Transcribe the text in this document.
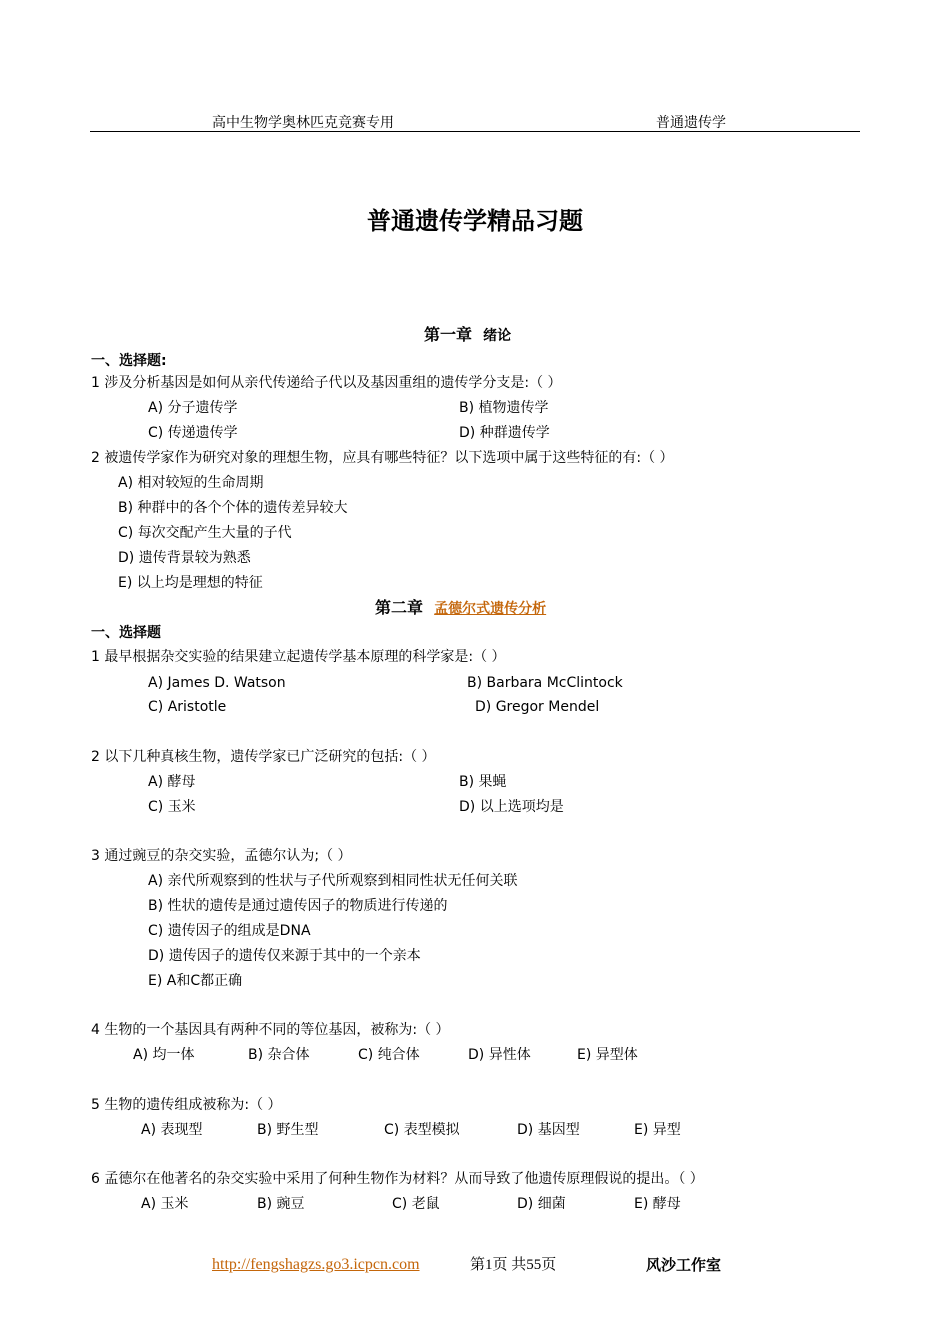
高中生物学奥林匹克竞赛专用	普通遗传学
普通遗传学精品习题
第一章 绪论
一、选择题:
1 涉及分析基因是如何从亲代传递给子代以及基因重组的遗传学分支是:（ ）
A) 分子遗传学	B) 植物遗传学
C) 传递遗传学	D) 种群遗传学
2 被遗传学家作为研究对象的理想生物，应具有哪些特征？以下选项中属于这些特征的有:（ ）
A) 相对较短的生命周期
B) 种群中的各个个体的遗传差异较大
C) 每次交配产生大量的子代
D) 遗传背景较为熟悉
E) 以上均是理想的特征
第二章 孟德尔式遗传分析
一、选择题
1 最早根据杂交实验的结果建立起遗传学基本原理的科学家是:（ ）
A) James D. Watson	B) Barbara McClintock
C) Aristotle	D) Gregor Mendel
2 以下几种真核生物，遗传学家已广泛研究的包括:（ ）
A) 酵母	B) 果蝇
C) 玉米	D) 以上选项均是
3 通过豌豆的杂交实验，孟德尔认为;（ ）
A) 亲代所观察到的性状与子代所观察到相同性状无任何关联
B) 性状的遗传是通过遗传因子的物质进行传递的
C) 遗传因子的组成是DNA
D) 遗传因子的遗传仅来源于其中的一个亲本
E) A和C都正确
4 生物的一个基因具有两种不同的等位基因，被称为:（ ）
A) 均一体	B) 杂合体	C) 纯合体	D) 异性体	E) 异型体
5 生物的遗传组成被称为:（ ）
A) 表现型	B) 野生型	C) 表型模拟	D) 基因型	E) 异型
6 孟德尔在他著名的杂交实验中采用了何种生物作为材料？从而导致了他遗传原理假说的提出。（ ）
A) 玉米	B) 豌豆	C) 老鼠	D) 细菌	E) 酵母
http://fengshagzs.go3.icpcn.com	第1页 共55页	风沙工作室
